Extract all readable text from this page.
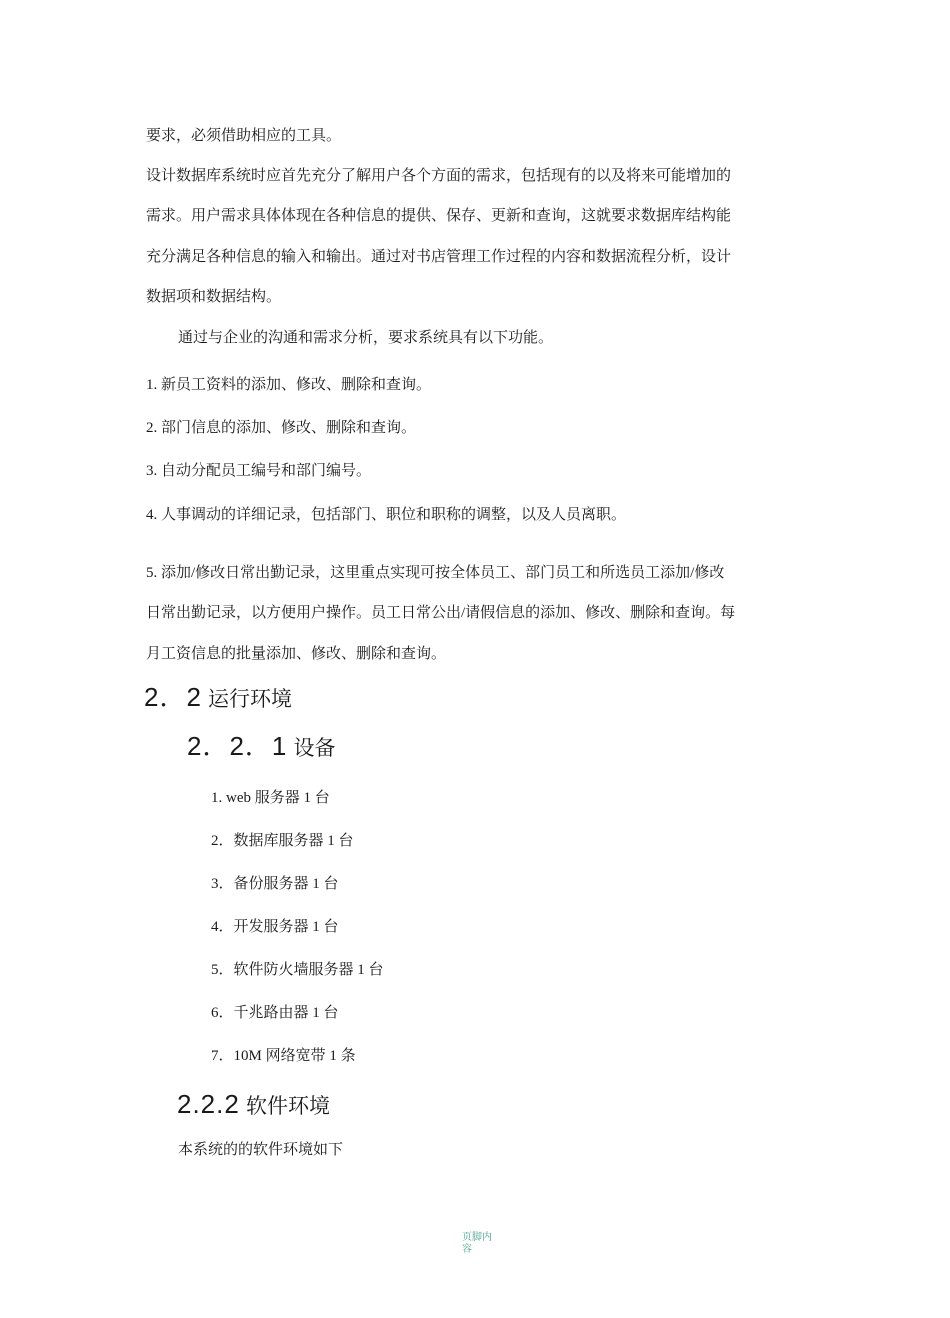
要求，必须借助相应的工具。
设计数据库系统时应首先充分了解用户各个方面的需求，包括现有的以及将来可能增加的
需求。用户需求具体体现在各种信息的提供、保存、更新和查询，这就要求数据库结构能
充分满足各种信息的输入和输出。通过对书店管理工作过程的内容和数据流程分析，设计
数据项和数据结构。
通过与企业的沟通和需求分析，要求系统具有以下功能。
1. 新员工资料的添加、修改、删除和查询。
2. 部门信息的添加、修改、删除和查询。
3. 自动分配员工编号和部门编号。
4. 人事调动的详细记录，包括部门、职位和职称的调整，以及人员离职。
5. 添加/修改日常出勤记录，这里重点实现可按全体员工、部门员工和所选员工添加/修改
日常出勤记录，以方便用户操作。员工日常公出/请假信息的添加、修改、删除和查询。每
月工资信息的批量添加、修改、删除和查询。
2．2 运行环境
2．2．1 设备
1. web 服务器 1 台
2．数据库服务器 1 台
3．备份服务器 1 台
4．开发服务器 1 台
5．软件防火墙服务器 1 台
6．千兆路由器 1 台
7．10M 网络宽带 1 条
2.2.2 软件环境
本系统的的软件环境如下
页脚内
容
